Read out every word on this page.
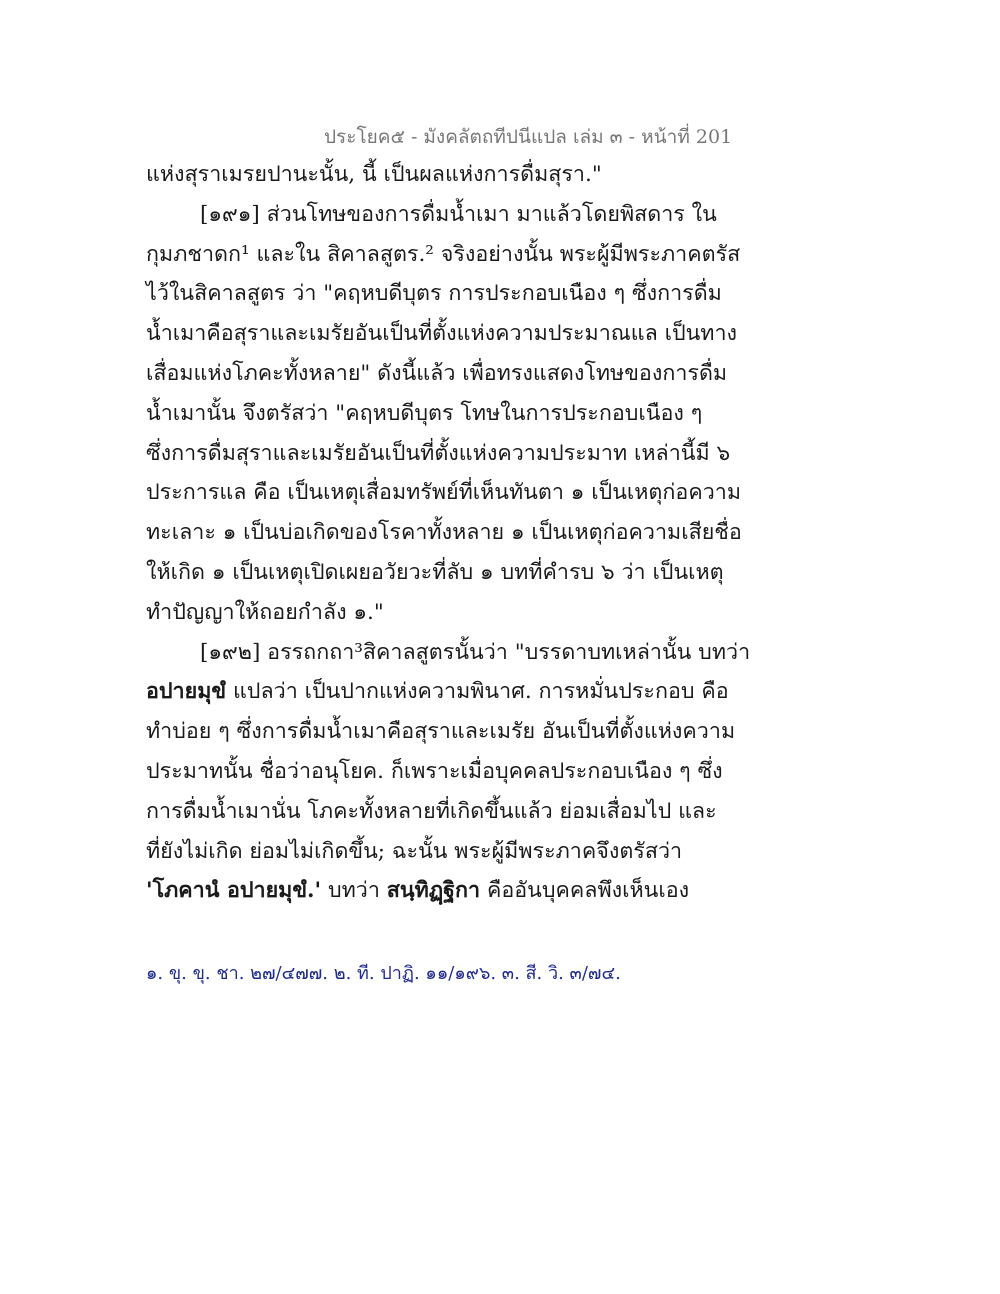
ประโยค๕ - มังคลัตถทีปนีแปล เล่ม ๓ - หน้าที่ 201
แห่งสุราเมรยปานะนั้น, นี้ เป็นผลแห่งการดื่มสุรา."
[๑๙๑] ส่วนโทษของการดื่มน้ำเมา มาแล้วโดยพิสดาร ใน
กุมภชาดก¹ และใน สิคาลสูตร.² จริงอย่างนั้น พระผู้มีพระภาคตรัส
ไว้ในสิคาลสูตร ว่า "คฤหบดีบุตร การประกอบเนือง ๆ ซึ่งการดื่ม
น้ำเมาคือสุราและเมรัยอันเป็นที่ตั้งแห่งความประมาณแล เป็นทาง
เสื่อมแห่งโภคะทั้งหลาย" ดังนี้แล้ว เพื่อทรงแสดงโทษของการดื่ม
น้ำเมานั้น จึงตรัสว่า "คฤหบดีบุตร โทษในการประกอบเนือง ๆ
ซึ่งการดื่มสุราและเมรัยอันเป็นที่ตั้งแห่งความประมาท เหล่านี้มี ๖
ประการแล คือ เป็นเหตุเสื่อมทรัพย์ที่เห็นทันตา ๑ เป็นเหตุก่อความ
ทะเลาะ ๑ เป็นบ่อเกิดของโรคาทั้งหลาย ๑ เป็นเหตุก่อความเสียชื่อ
ให้เกิด ๑ เป็นเหตุเปิดเผยอวัยวะที่ลับ ๑ บทที่คำรบ ๖ ว่า เป็นเหตุ
ทำปัญญาให้ถอยกำลัง ๑."
[๑๙๒] อรรถกถา³สิคาลสูตรนั้นว่า "บรรดาบทเหล่านั้น บทว่า
อปายมุขํ แปลว่า เป็นปากแห่งความพินาศ. การหมั่นประกอบ คือ
ทำบ่อย ๆ ซึ่งการดื่มน้ำเมาคือสุราและเมรัย อันเป็นที่ตั้งแห่งความ
ประมาทนั้น ชื่อว่าอนุโยค. ก็เพราะเมื่อบุคคลประกอบเนือง ๆ ซึ่ง
การดื่มน้ำเมานั่น โภคะทั้งหลายที่เกิดขึ้นแล้ว ย่อมเสื่อมไป และ
ที่ยังไม่เกิด ย่อมไม่เกิดขึ้น; ฉะนั้น พระผู้มีพระภาคจึงตรัสว่า
'โภคานํ อปายมุขํ.' บทว่า สนฺทิฏฺฐิกา คืออันบุคคลพึงเห็นเอง
๑. ขุ. ขุ. ชา. ๒๗/๔๗๗. ๒. ที. ปาฏิ. ๑๑/๑๙๖. ๓. สี. วิ. ๓/๗๔.
